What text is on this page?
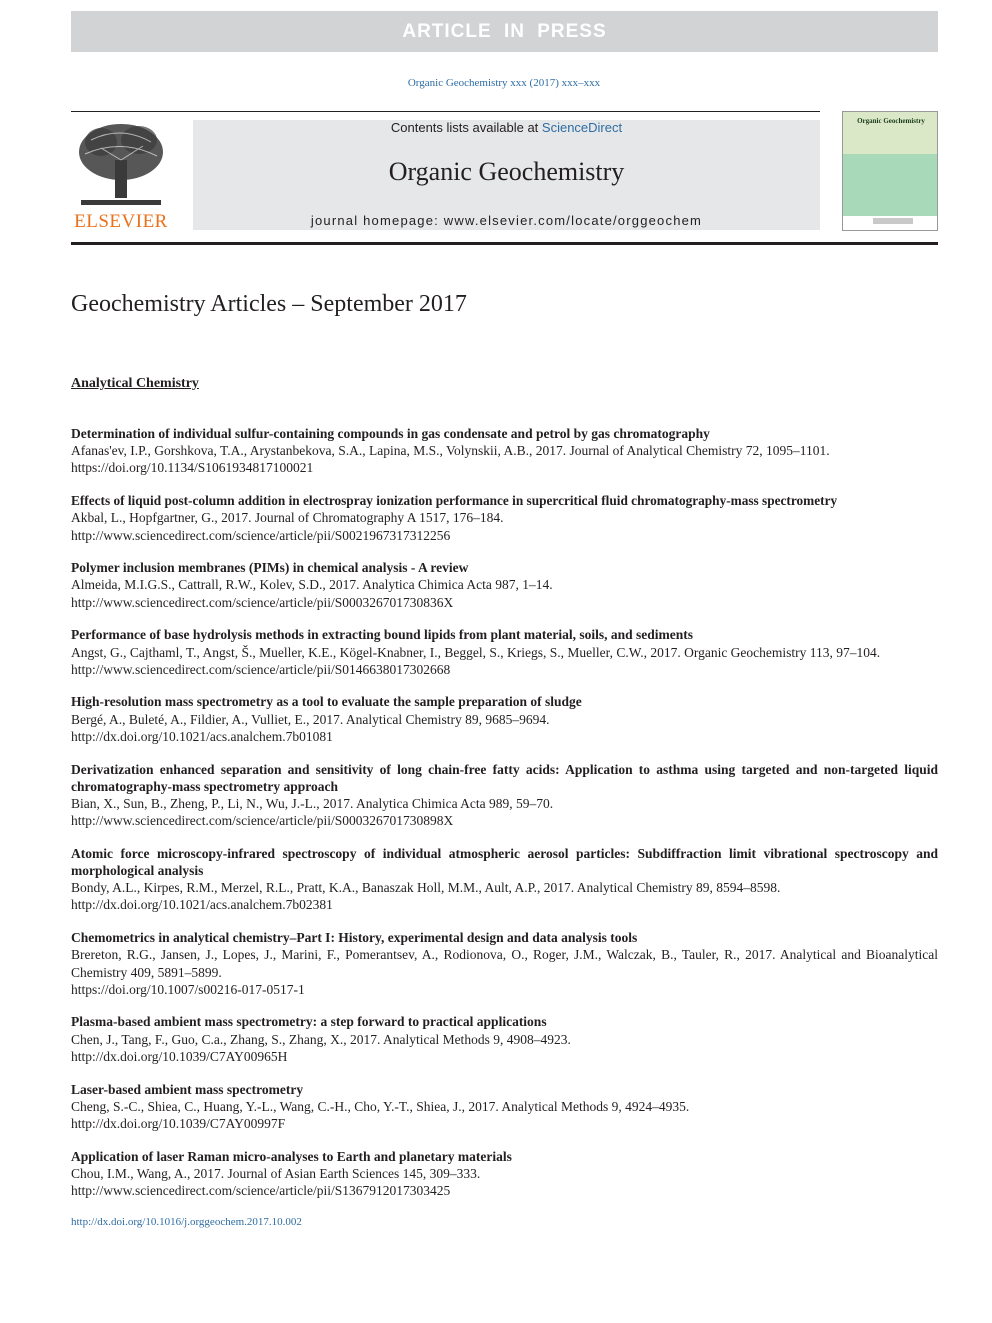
ARTICLE IN PRESS
Organic Geochemistry xxx (2017) xxx–xxx
ELSEVIER
Contents lists available at ScienceDirect
Organic Geochemistry
journal homepage: www.elsevier.com/locate/orggeochem
Organic Geochemistry
Geochemistry Articles – September 2017
Analytical Chemistry
Determination of individual sulfur-containing compounds in gas condensate and petrol by gas chromatography
Afanas'ev, I.P., Gorshkova, T.A., Arystanbekova, S.A., Lapina, M.S., Volynskii, A.B., 2017. Journal of Analytical Chemistry 72, 1095–1101.
https://doi.org/10.1134/S1061934817100021
Effects of liquid post-column addition in electrospray ionization performance in supercritical fluid chromatography-mass spectrometry
Akbal, L., Hopfgartner, G., 2017. Journal of Chromatography A 1517, 176–184.
http://www.sciencedirect.com/science/article/pii/S0021967317312256
Polymer inclusion membranes (PIMs) in chemical analysis - A review
Almeida, M.I.G.S., Cattrall, R.W., Kolev, S.D., 2017. Analytica Chimica Acta 987, 1–14.
http://www.sciencedirect.com/science/article/pii/S000326701730836X
Performance of base hydrolysis methods in extracting bound lipids from plant material, soils, and sediments
Angst, G., Cajthaml, T., Angst, Š., Mueller, K.E., Kögel-Knabner, I., Beggel, S., Kriegs, S., Mueller, C.W., 2017. Organic Geochemistry 113, 97–104.
http://www.sciencedirect.com/science/article/pii/S0146638017302668
High-resolution mass spectrometry as a tool to evaluate the sample preparation of sludge
Bergé, A., Buleté, A., Fildier, A., Vulliet, E., 2017. Analytical Chemistry 89, 9685–9694.
http://dx.doi.org/10.1021/acs.analchem.7b01081
Derivatization enhanced separation and sensitivity of long chain-free fatty acids: Application to asthma using targeted and non-targeted liquid chromatography-mass spectrometry approach
Bian, X., Sun, B., Zheng, P., Li, N., Wu, J.-L., 2017. Analytica Chimica Acta 989, 59–70.
http://www.sciencedirect.com/science/article/pii/S000326701730898X
Atomic force microscopy-infrared spectroscopy of individual atmospheric aerosol particles: Subdiffraction limit vibrational spectroscopy and morphological analysis
Bondy, A.L., Kirpes, R.M., Merzel, R.L., Pratt, K.A., Banaszak Holl, M.M., Ault, A.P., 2017. Analytical Chemistry 89, 8594–8598.
http://dx.doi.org/10.1021/acs.analchem.7b02381
Chemometrics in analytical chemistry–Part I: History, experimental design and data analysis tools
Brereton, R.G., Jansen, J., Lopes, J., Marini, F., Pomerantsev, A., Rodionova, O., Roger, J.M., Walczak, B., Tauler, R., 2017. Analytical and Bioanalytical Chemistry 409, 5891–5899.
https://doi.org/10.1007/s00216-017-0517-1
Plasma-based ambient mass spectrometry: a step forward to practical applications
Chen, J., Tang, F., Guo, C.a., Zhang, S., Zhang, X., 2017. Analytical Methods 9, 4908–4923.
http://dx.doi.org/10.1039/C7AY00965H
Laser-based ambient mass spectrometry
Cheng, S.-C., Shiea, C., Huang, Y.-L., Wang, C.-H., Cho, Y.-T., Shiea, J., 2017. Analytical Methods 9, 4924–4935.
http://dx.doi.org/10.1039/C7AY00997F
Application of laser Raman micro-analyses to Earth and planetary materials
Chou, I.M., Wang, A., 2017. Journal of Asian Earth Sciences 145, 309–333.
http://www.sciencedirect.com/science/article/pii/S1367912017303425
http://dx.doi.org/10.1016/j.orggeochem.2017.10.002
